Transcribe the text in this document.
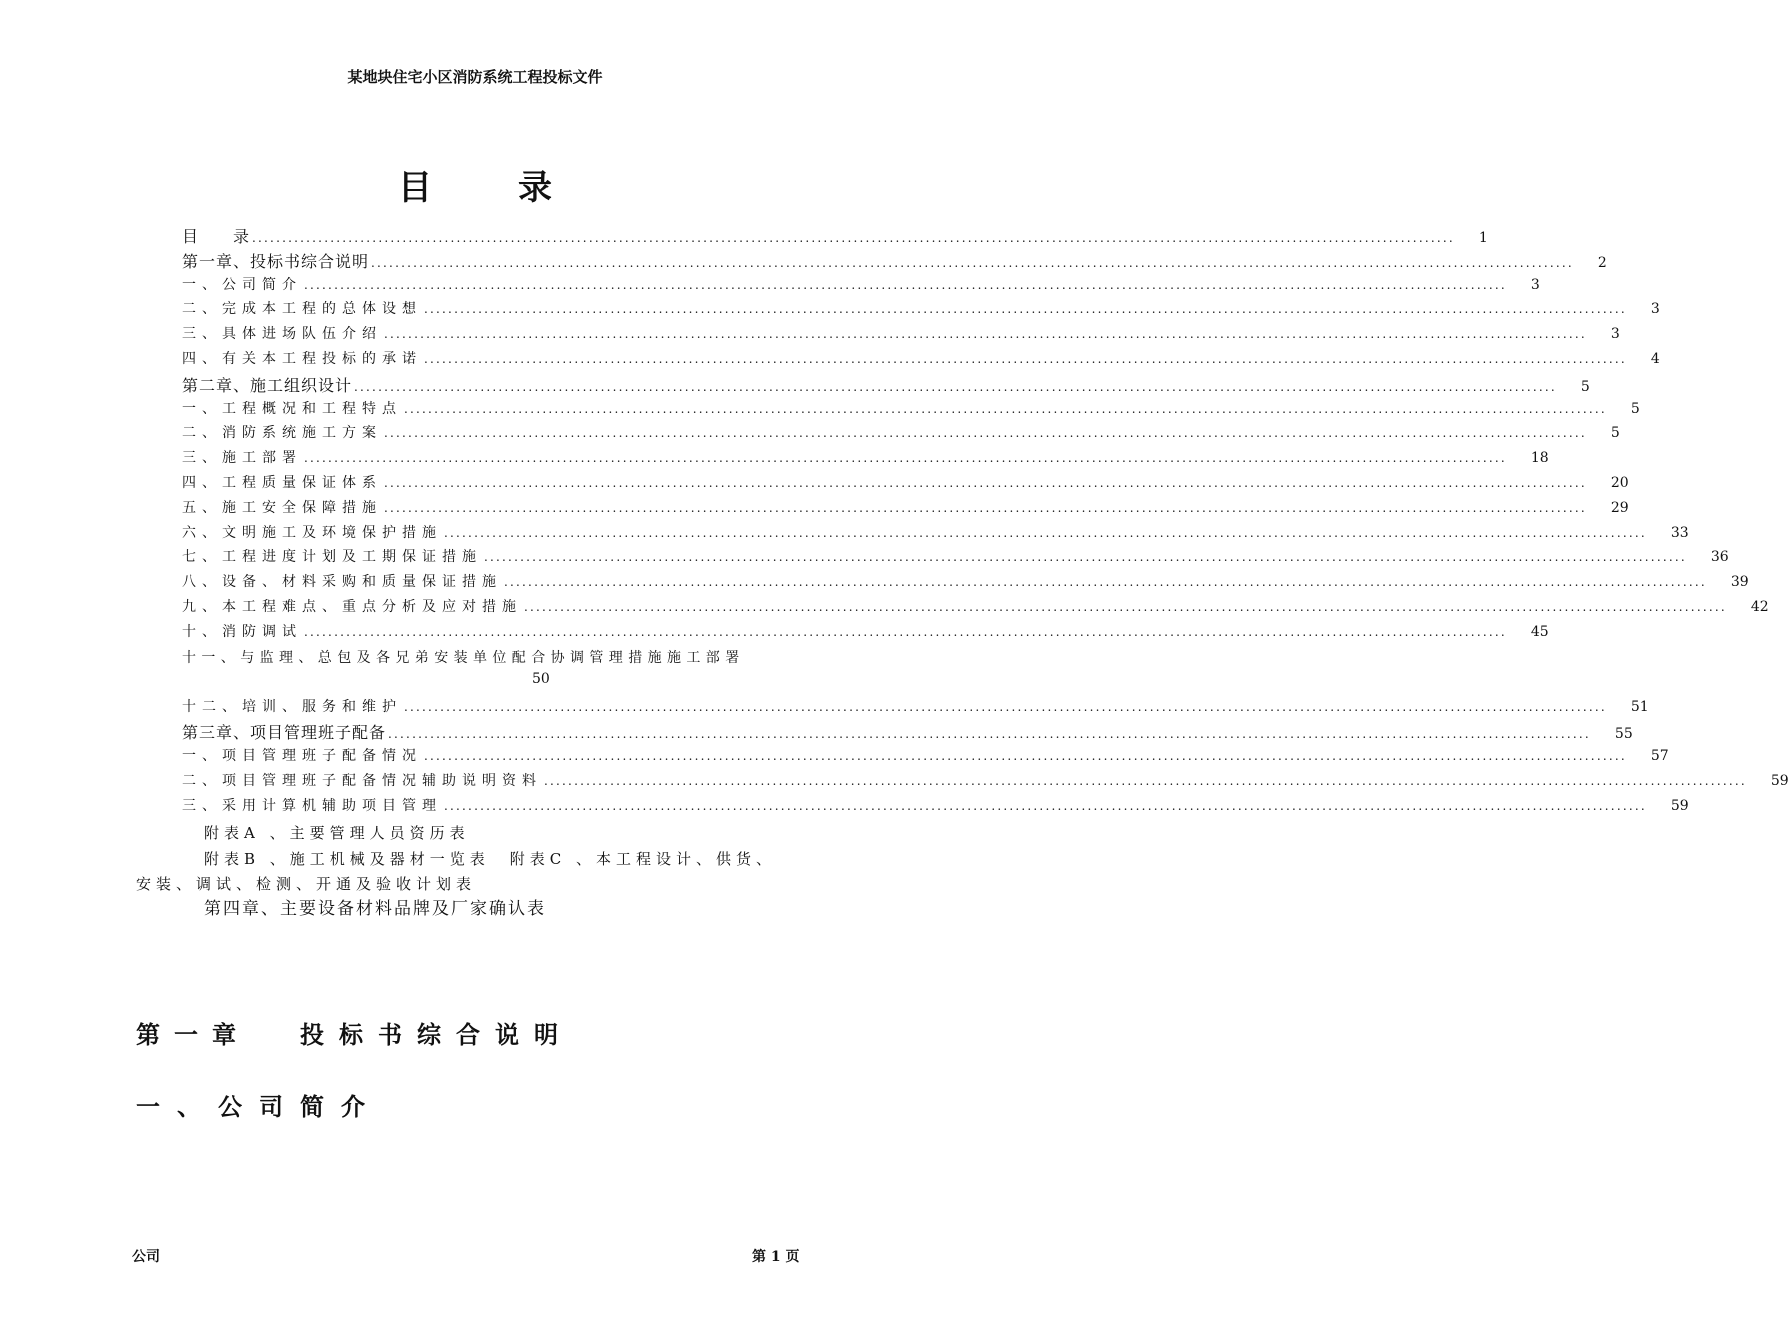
某地块住宅小区消防系统工程投标文件
目录
目　　录 ........................................................................................................................................................................................................ 1
第一章、投标书综合说明 ........................................................................................................................................................................................................ 2
一、公司简介 ........................................................................................................................................................................................................ 3
二、完成本工程的总体设想 ........................................................................................................................................................................................................ 3
三、具体进场队伍介绍 ........................................................................................................................................................................................................ 3
四、有关本工程投标的承诺 ........................................................................................................................................................................................................ 4
第二章、施工组织设计 ........................................................................................................................................................................................................ 5
一、工程概况和工程特点 ........................................................................................................................................................................................................ 5
二、消防系统施工方案 ........................................................................................................................................................................................................ 5
三、施工部署 ........................................................................................................................................................................................................ 18
四、工程质量保证体系 ........................................................................................................................................................................................................ 20
五、施工安全保障措施 ........................................................................................................................................................................................................ 29
六、文明施工及环境保护措施 ........................................................................................................................................................................................................ 33
七、工程进度计划及工期保证措施 ........................................................................................................................................................................................................ 36
八、设备、材料采购和质量保证措施 ........................................................................................................................................................................................................ 39
九、本工程难点、重点分析及应对措施 ........................................................................................................................................................................................................ 42
十、消防调试 ........................................................................................................................................................................................................ 45
十一、与监理、总包及各兄弟安装单位配合协调管理措施施工部署
50
十二、培训、服务和维护 ........................................................................................................................................................................................................ 51
第三章、项目管理班子配备 ........................................................................................................................................................................................................ 55
一、项目管理班子配备情况 ........................................................................................................................................................................................................ 57
二、项目管理班子配备情况辅助说明资料 ........................................................................................................................................................................................................ 59
三、采用计算机辅助项目管理 ........................................................................................................................................................................................................ 59
附表A 、主要管理人员资历表
附表B 、施工机械及器材一览表　附表C 、本工程设计、供货、
安装、调试、检测、开通及验收计划表
第四章、主要设备材料品牌及厂家确认表
第一章 投标书综合说明
一、公司简介
公司	第 1 页
